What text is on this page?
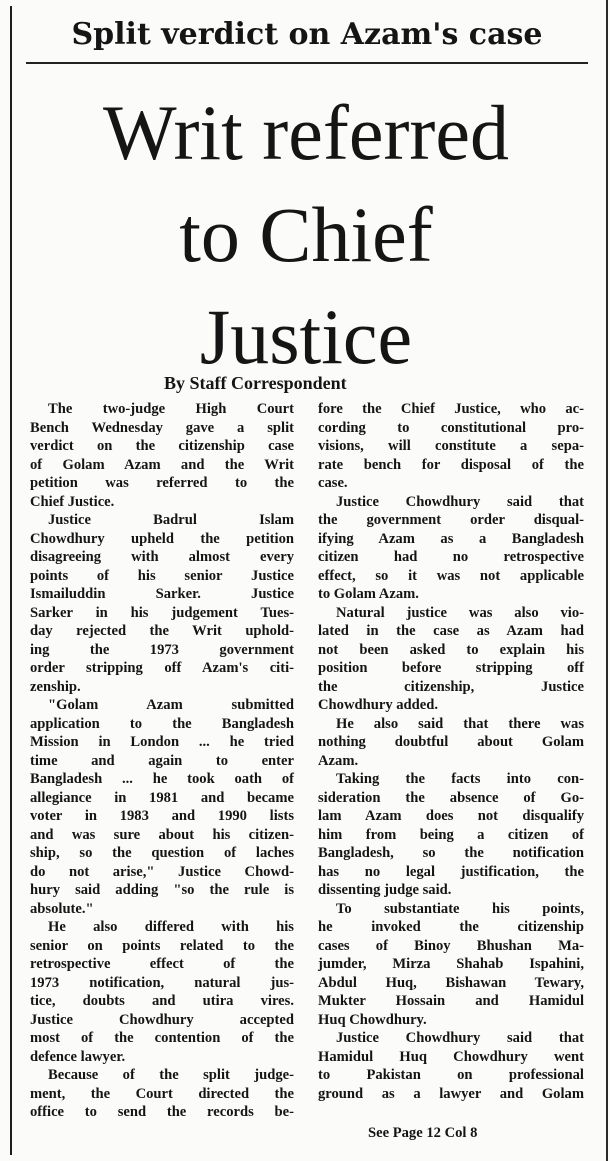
Split verdict on Azam's case
Writ referred
to Chief
Justice
By Staff Correspondent
The two-judge High Court
Bench Wednesday gave a split
verdict on the citizenship case
of Golam Azam and the Writ
petition was referred to the
Chief Justice.
Justice Badrul Islam
Chowdhury upheld the petition
disagreeing with almost every
points of his senior Justice
Ismailuddin Sarker. Justice
Sarker in his judgement Tues-
day rejected the Writ uphold-
ing the 1973 government
order stripping off Azam's citi-
zenship.
"Golam Azam submitted
application to the Bangladesh
Mission in London ... he tried
time and again to enter
Bangladesh ... he took oath of
allegiance in 1981 and became
voter in 1983 and 1990 lists
and was sure about his citizen-
ship, so the question of laches
do not arise," Justice Chowd-
hury said adding "so the rule is
absolute."
He also differed with his
senior on points related to the
retrospective effect of the
1973 notification, natural jus-
tice, doubts and utira vires.
Justice Chowdhury accepted
most of the contention of the
defence lawyer.
Because of the split judge-
ment, the Court directed the
office to send the records be-
fore the Chief Justice, who ac-
cording to constitutional pro-
visions, will constitute a sepa-
rate bench for disposal of the
case.
Justice Chowdhury said that
the government order disqual-
ifying Azam as a Bangladesh
citizen had no retrospective
effect, so it was not applicable
to Golam Azam.
Natural justice was also vio-
lated in the case as Azam had
not been asked to explain his
position before stripping off
the citizenship, Justice
Chowdhury added.
He also said that there was
nothing doubtful about Golam
Azam.
Taking the facts into con-
sideration the absence of Go-
lam Azam does not disqualify
him from being a citizen of
Bangladesh, so the notification
has no legal justification, the
dissenting judge said.
To substantiate his points,
he invoked the citizenship
cases of Binoy Bhushan Ma-
jumder, Mirza Shahab Ispahini,
Abdul Huq, Bishawan Tewary,
Mukter Hossain and Hamidul
Huq Chowdhury.
Justice Chowdhury said that
Hamidul Huq Chowdhury went
to Pakistan on professional
ground as a lawyer and Golam
See Page 12 Col 8
